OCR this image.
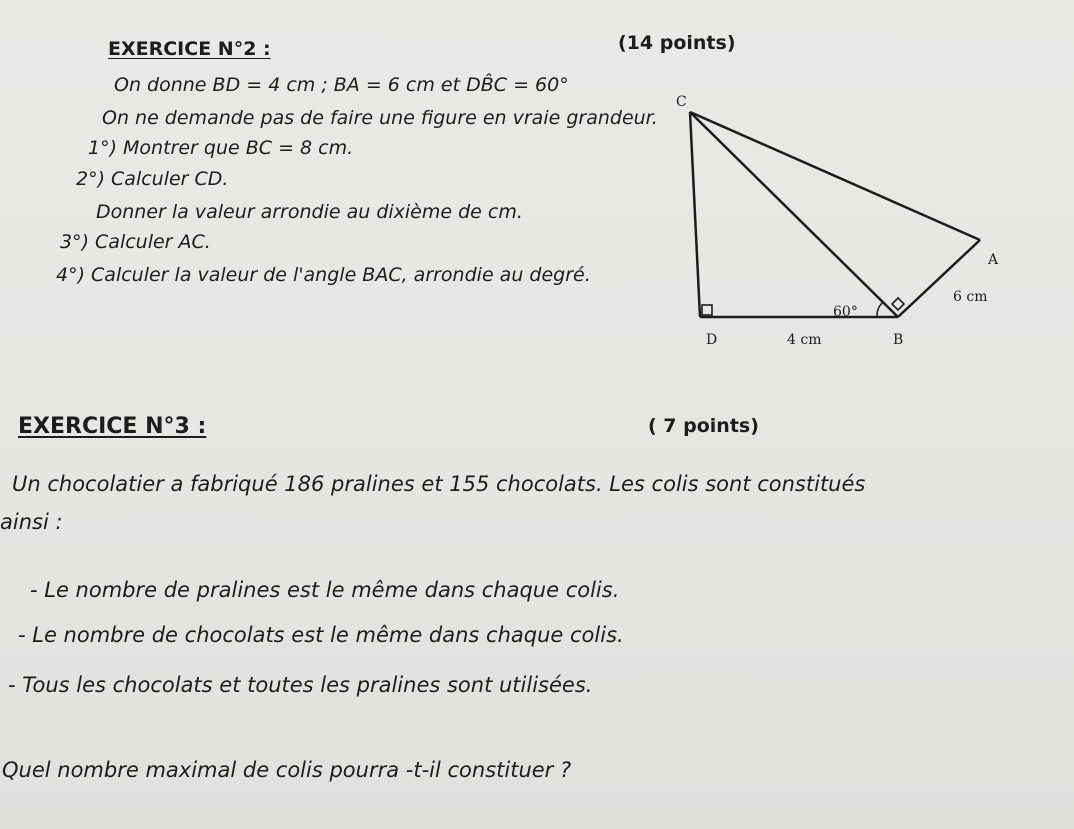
EXERCICE N°2 :	(14 points)
On donne BD = 4 cm ; BA = 6 cm et DB̂C = 60°
On ne demande pas de faire une figure en vraie grandeur.
1°) Montrer que BC = 8 cm.
2°) Calculer CD.
Donner la valeur arrondie au dixième de cm.
3°) Calculer AC.
4°) Calculer la valeur de l'angle BAC, arrondie au degré.
C
A
D	B
60°
4 cm
6 cm
EXERCICE N°3 :	( 7 points)
Un chocolatier a fabriqué 186 pralines et 155 chocolats. Les colis sont constitués
ainsi :
- Le nombre de pralines est le même dans chaque colis.
- Le nombre de chocolats est le même dans chaque colis.
- Tous les chocolats et toutes les pralines sont utilisées.
Quel nombre maximal de colis pourra -t-il constituer ?
